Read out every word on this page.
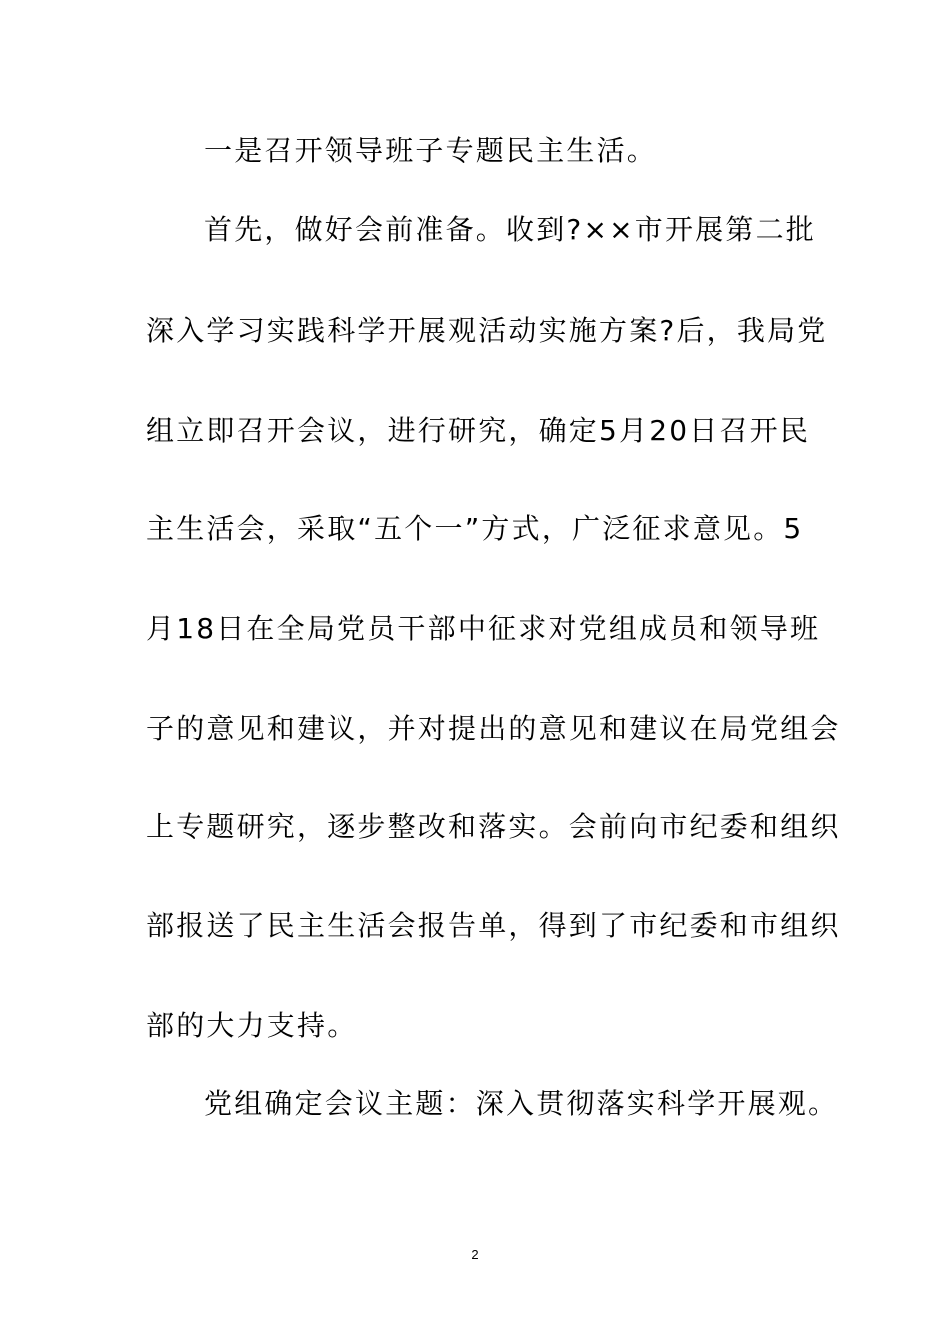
一是召开领导班子专题民主生活。
首先，做好会前准备。收到?××市开展第二批
深入学习实践科学开展观活动实施方案?后，我局党
组立即召开会议，进行研究，确定5月20日召开民
主生活会，采取“五个一”方式，广泛征求意见。5
月18日在全局党员干部中征求对党组成员和领导班
子的意见和建议，并对提出的意见和建议在局党组会
上专题研究，逐步整改和落实。会前向市纪委和组织
部报送了民主生活会报告单，得到了市纪委和市组织
部的大力支持。
党组确定会议主题：深入贯彻落实科学开展观。
2
